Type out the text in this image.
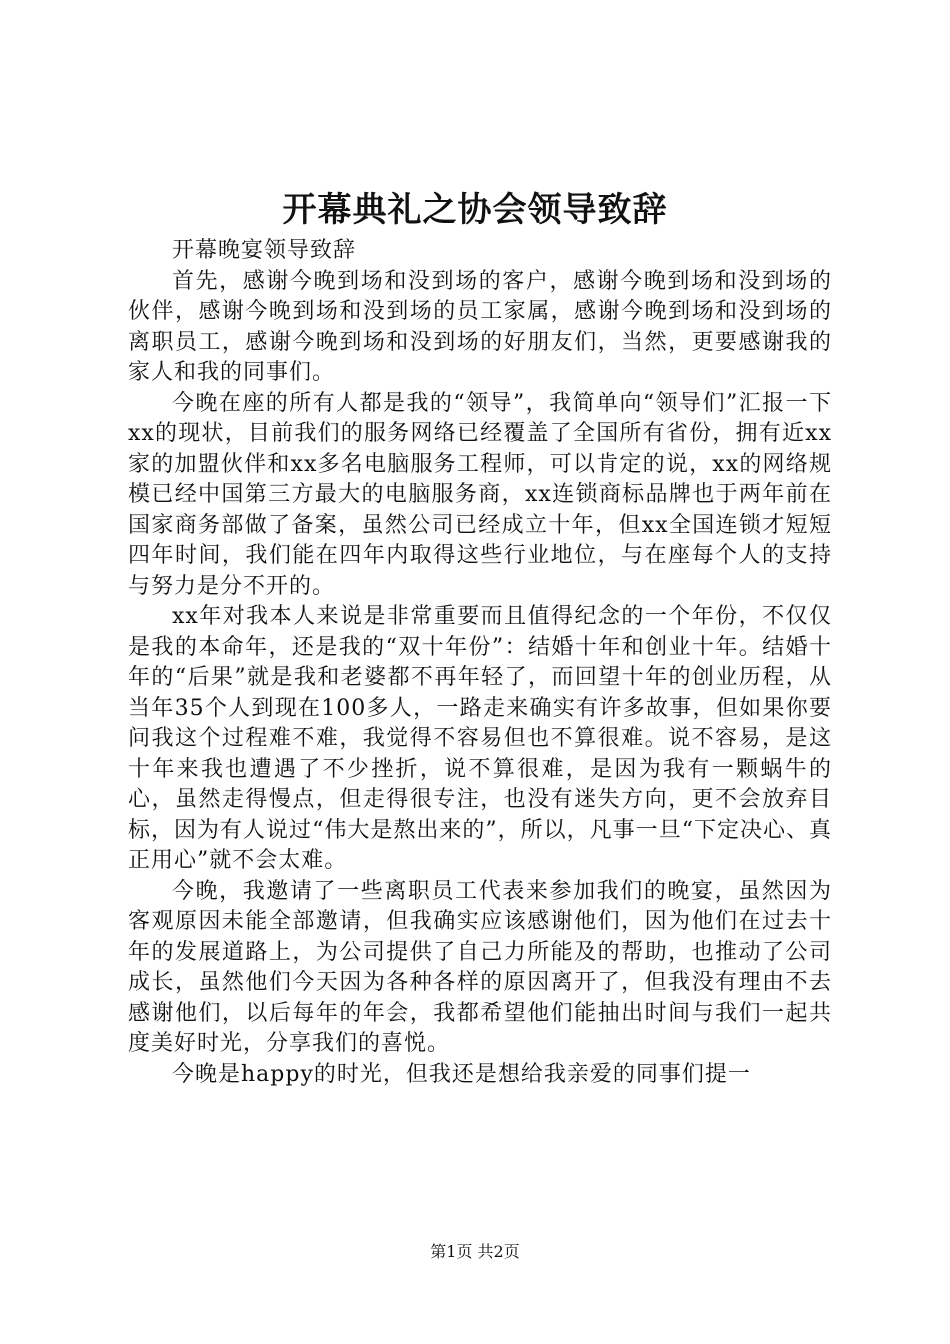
开幕典礼之协会领导致辞

开幕晚宴领导致辞

首先，感谢今晚到场和没到场的客户，感谢今晚到场和没到场的伙伴，感谢今晚到场和没到场的员工家属，感谢今晚到场和没到场的离职员工，感谢今晚到场和没到场的好朋友们，当然，更要感谢我的家人和我的同事们。

今晚在座的所有人都是我的“领导”，我简单向“领导们”汇报一下xx的现状，目前我们的服务网络已经覆盖了全国所有省份，拥有近xx家的加盟伙伴和xx多名电脑服务工程师，可以肯定的说，xx的网络规模已经中国第三方最大的电脑服务商，xx连锁商标品牌也于两年前在国家商务部做了备案，虽然公司已经成立十年，但xx全国连锁才短短四年时间，我们能在四年内取得这些行业地位，与在座每个人的支持与努力是分不开的。

xx年对我本人来说是非常重要而且值得纪念的一个年份，不仅仅是我的本命年，还是我的“双十年份”：结婚十年和创业十年。结婚十年的“后果”就是我和老婆都不再年轻了，而回望十年的创业历程，从当年35个人到现在100多人，一路走来确实有许多故事，但如果你要问我这个过程难不难，我觉得不容易但也不算很难。说不容易，是这十年来我也遭遇了不少挫折，说不算很难，是因为我有一颗蜗牛的心，虽然走得慢点，但走得很专注，也没有迷失方向，更不会放弃目标，因为有人说过“伟大是熬出来的”，所以，凡事一旦“下定决心、真正用心”就不会太难。

今晚，我邀请了一些离职员工代表来参加我们的晚宴，虽然因为客观原因未能全部邀请，但我确实应该感谢他们，因为他们在过去十年的发展道路上，为公司提供了自己力所能及的帮助，也推动了公司成长，虽然他们今天因为各种各样的原因离开了，但我没有理由不去感谢他们，以后每年的年会，我都希望他们能抽出时间与我们一起共度美好时光，分享我们的喜悦。

今晚是happy的时光，但我还是想给我亲爱的同事们提一

第1页 共2页
